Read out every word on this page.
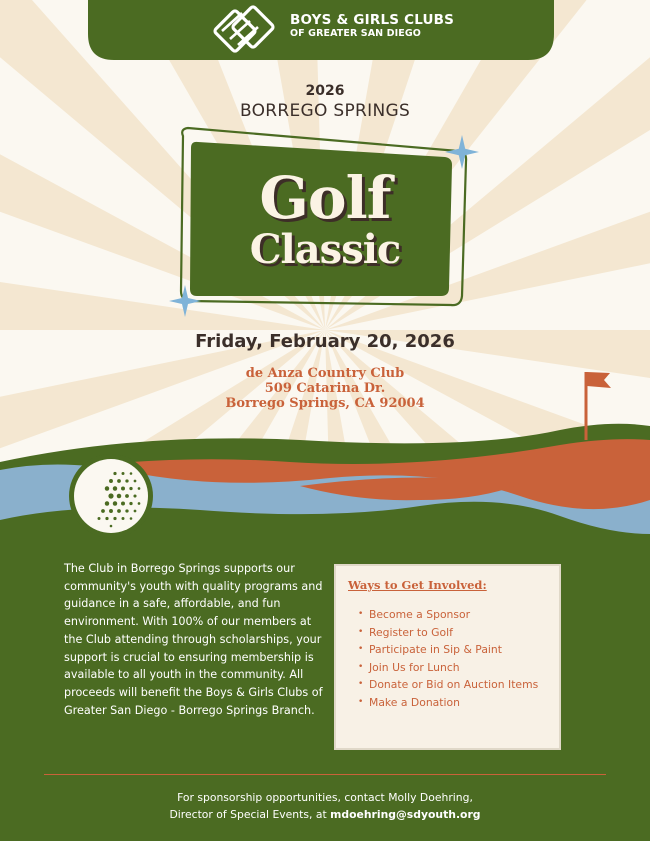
BOYS & GIRLS CLUBS
OF GREATER SAN DIEGO
2026
BORREGO SPRINGS
Golf
Classic
Friday, February 20, 2026
de Anza Country Club
509 Catarina Dr.
Borrego Springs, CA 92004
The Club in Borrego Springs supports our community's youth with quality programs and guidance in a safe, affordable, and fun environment. With 100% of our members at the Club attending through scholarships, your support is crucial to ensuring membership is available to all youth in the community. All proceeds will benefit the Boys & Girls Clubs of Greater San Diego - Borrego Springs Branch.
Ways to Get Involved:
• Become a Sponsor
• Register to Golf
• Participate in Sip & Paint
• Join Us for Lunch
• Donate or Bid on Auction Items
• Make a Donation
For sponsorship opportunities, contact Molly Doehring,
Director of Special Events, at mdoehring@sdyouth.org
